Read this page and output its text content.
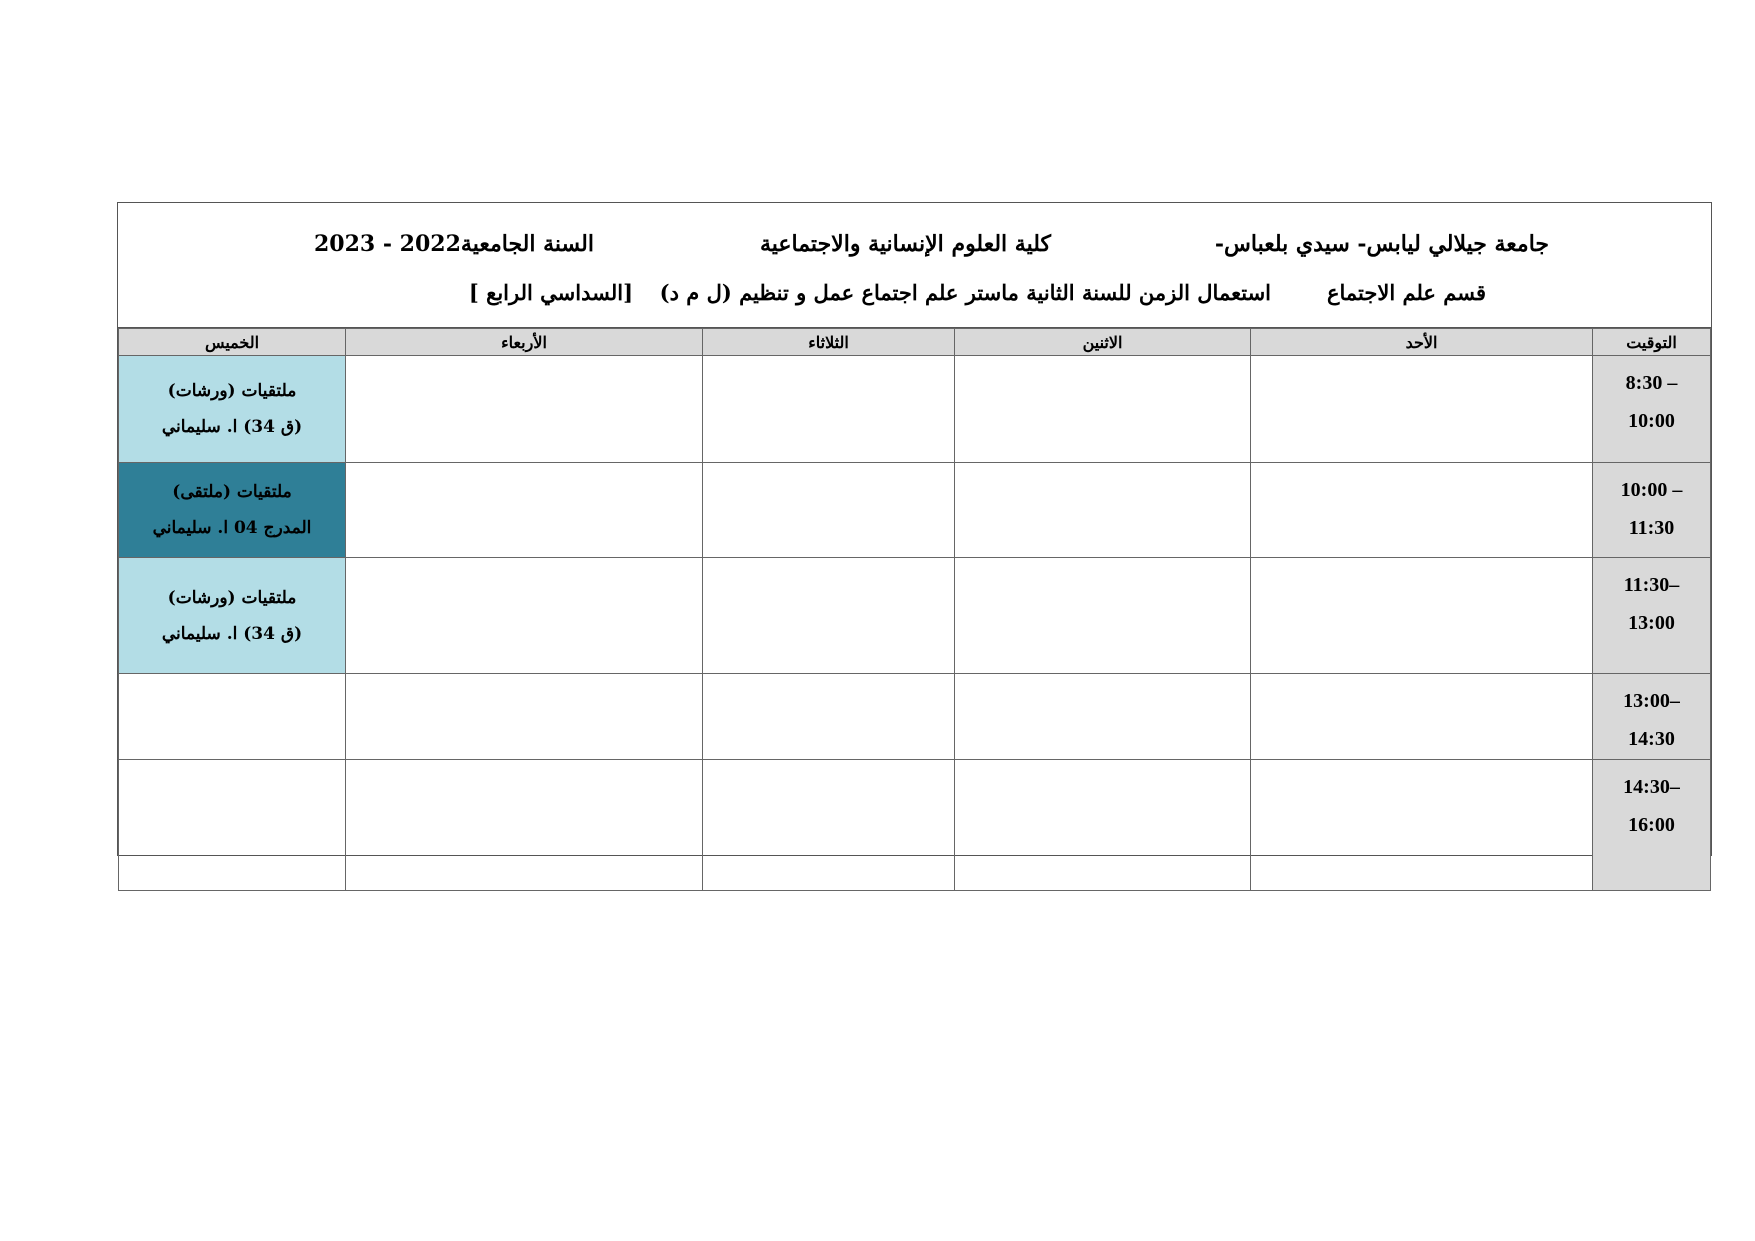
جامعة جيلالي ليابس- سيدي بلعباس-
كلية العلوم الإنسانية والاجتماعية
السنة الجامعية2022 - 2023
قسم علم الاجتماع
استعمال الزمن للسنة الثانية ماستر علم اجتماع عمل و تنظيم (ل م د)
[السداسي الرابع ]
التوقيت	الأحد	الاثنين	الثلاثاء	الأربعاء	الخميس

8:30 –
10:00					ملتقيات (ورشات)
(ق 34) ا. سليماني

10:00 –
11:30					ملتقيات (ملتقى)
المدرج 04 ا. سليماني

11:30–
13:00					ملتقيات (ورشات)
(ق 34) ا. سليماني

13:00–
14:30					

14:30–
16:00					
